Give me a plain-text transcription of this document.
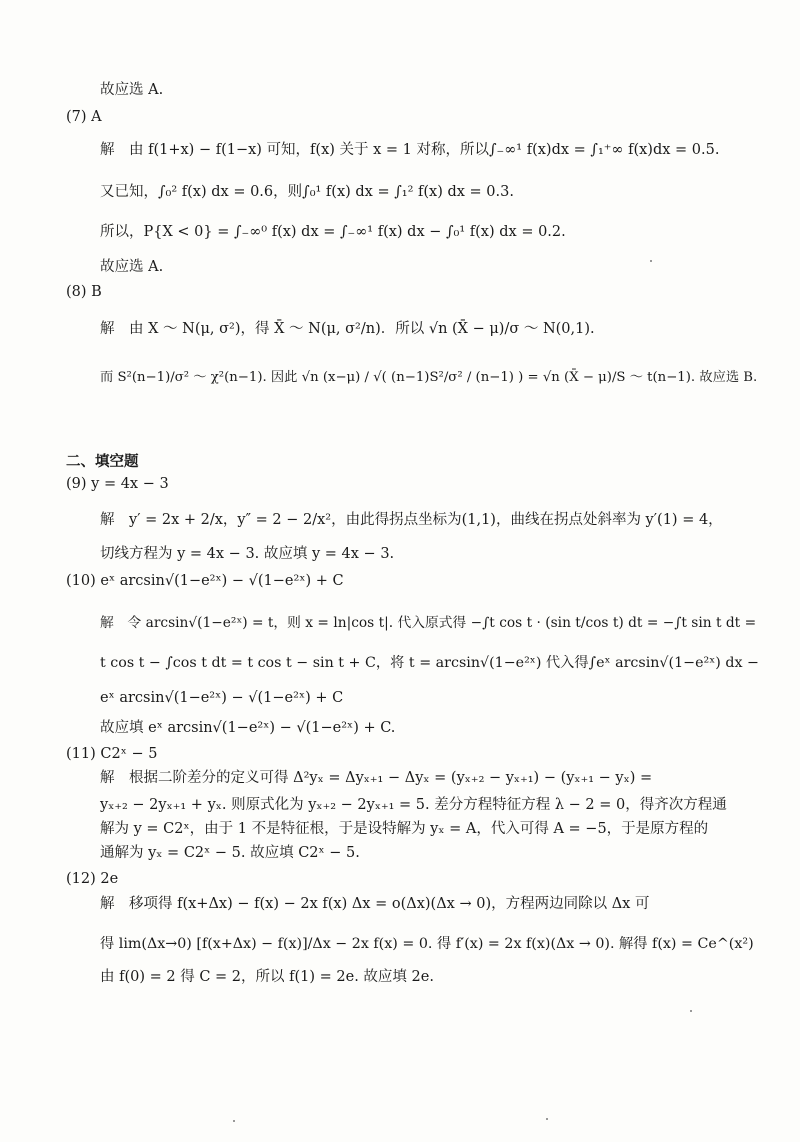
故应选 A.
(7) A
解　由 f(1+x) − f(1−x) 可知，f(x) 关于 x = 1 对称，所以∫₋∞¹ f(x)dx = ∫₁⁺∞ f(x)dx = 0.5.
又已知，∫₀² f(x) dx = 0.6，则∫₀¹ f(x) dx = ∫₁² f(x) dx = 0.3.
所以，P{X < 0} = ∫₋∞⁰ f(x) dx = ∫₋∞¹ f(x) dx − ∫₀¹ f(x) dx = 0.2.
故应选 A.
(8) B
解　由 X ～ N(μ, σ²)，得 X̄ ～ N(μ, σ²/n)．所以 √n (X̄ − μ)/σ ～ N(0,1).
而 S²(n−1)/σ² ～ χ²(n−1). 因此 √n (x−μ) / √( (n−1)S²/σ² / (n−1) ) = √n (X̄ − μ)/S ～ t(n−1). 故应选 B.
二、填空题
(9) y = 4x − 3
解　y′ = 2x + 2/x，y″ = 2 − 2/x²，由此得拐点坐标为(1,1)，曲线在拐点处斜率为 y′(1) = 4，
切线方程为 y = 4x − 3. 故应填 y = 4x − 3.
(10) eˣ arcsin√(1−e²ˣ) − √(1−e²ˣ) + C
解　令 arcsin√(1−e²ˣ) = t，则 x = ln|cos t|. 代入原式得 −∫t cos t · (sin t/cos t) dt = −∫t sin t dt =
t cos t − ∫cos t dt = t cos t − sin t + C，将 t = arcsin√(1−e²ˣ) 代入得∫eˣ arcsin√(1−e²ˣ) dx −
eˣ arcsin√(1−e²ˣ) − √(1−e²ˣ) + C
故应填 eˣ arcsin√(1−e²ˣ) − √(1−e²ˣ) + C.
(11) C2ˣ − 5
解　根据二阶差分的定义可得 Δ²yₓ = Δyₓ₊₁ − Δyₓ = (yₓ₊₂ − yₓ₊₁) − (yₓ₊₁ − yₓ) =
yₓ₊₂ − 2yₓ₊₁ + yₓ. 则原式化为 yₓ₊₂ − 2yₓ₊₁ = 5. 差分方程特征方程 λ − 2 = 0，得齐次方程通
解为 y = C2ˣ，由于 1 不是特征根，于是设特解为 yₓ = A，代入可得 A = −5，于是原方程的
通解为 yₓ = C2ˣ − 5. 故应填 C2ˣ − 5.
(12) 2e
解　移项得 f(x+Δx) − f(x) − 2x f(x) Δx = o(Δx)(Δx → 0)，方程两边同除以 Δx 可
得 lim(Δx→0) [f(x+Δx) − f(x)]/Δx − 2x f(x) = 0. 得 f′(x) = 2x f(x)(Δx → 0). 解得 f(x) = Ce^(x²)
由 f(0) = 2 得 C = 2，所以 f(1) = 2e. 故应填 2e.
